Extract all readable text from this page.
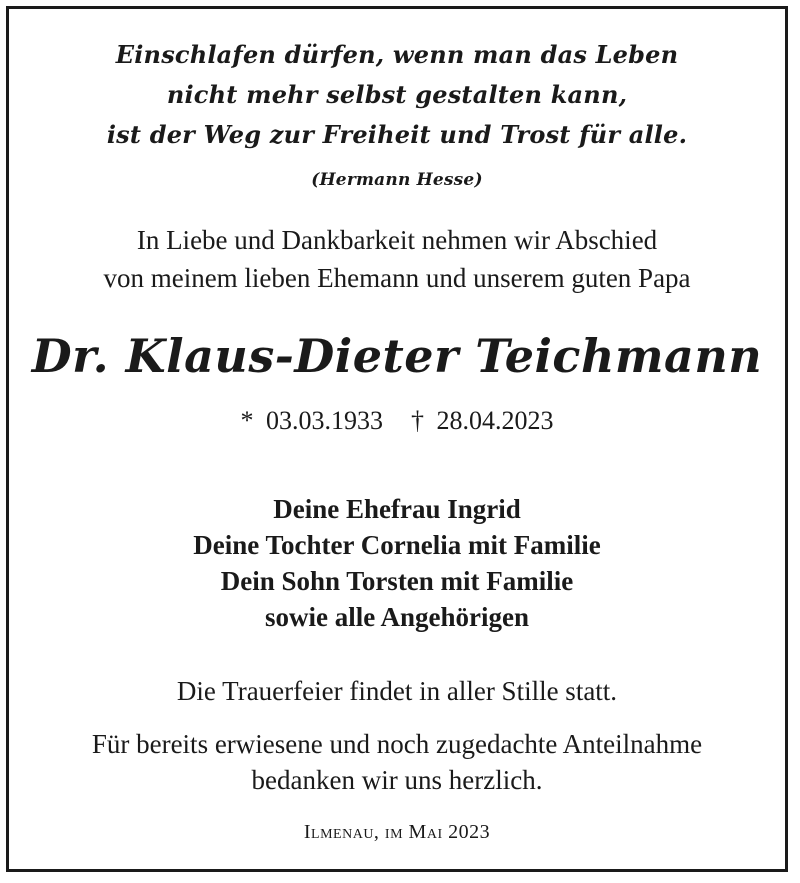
Einschlafen dürfen, wenn man das Leben
nicht mehr selbst gestalten kann,
ist der Weg zur Freiheit und Trost für alle.
(Hermann Hesse)
In Liebe und Dankbarkeit nehmen wir Abschied
von meinem lieben Ehemann und unserem guten Papa
Dr. Klaus-Dieter Teichmann
* 03.03.1933 † 28.04.2023
Deine Ehefrau Ingrid
Deine Tochter Cornelia mit Familie
Dein Sohn Torsten mit Familie
sowie alle Angehörigen
Die Trauerfeier findet in aller Stille statt.
Für bereits erwiesene und noch zugedachte Anteilnahme
bedanken wir uns herzlich.
Ilmenau, im Mai 2023
